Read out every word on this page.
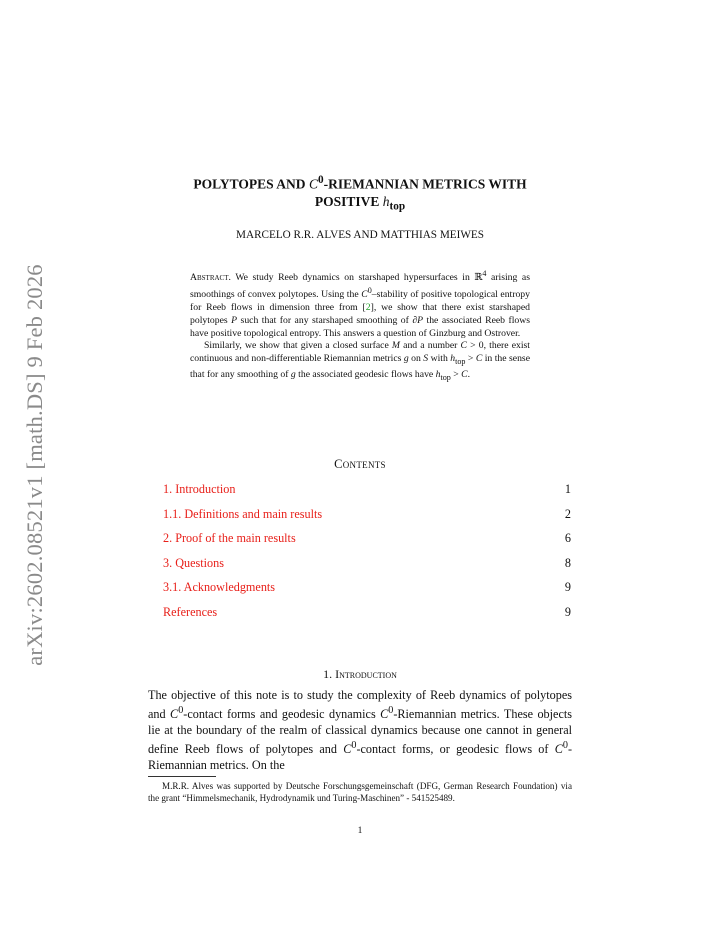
arXiv:2602.08521v1 [math.DS] 9 Feb 2026
POLYTOPES AND $C^0$-RIEMANNIAN METRICS WITH
POSITIVE $h_{top}$
MARCELO R.R. ALVES AND MATTHIAS MEIWES

Abstract. We study Reeb dynamics on starshaped hypersurfaces in ℝ$^4$ arising as smoothings of convex polytopes. Using the $C^0$–stability of positive topological entropy for Reeb flows in dimension three from [2], we show that there exist starshaped polytopes P such that for any starshaped smoothing of ∂P the associated Reeb flows have positive topological entropy. This answers a question of Ginzburg and Ostrover.

Similarly, we show that given a closed surface M and a number C > 0, there exist continuous and non-differentiable Riemannian metrics g on S with $h_{top} > C$ in the sense that for any smoothing of g the associated geodesic flows have $h_{top} > C$.

Contents
1. Introduction	1
1.1. Definitions and main results	2
2. Proof of the main results	6
3. Questions	8
3.1. Acknowledgments	9
References	9
1. Introduction
The objective of this note is to study the complexity of Reeb dynamics of polytopes and $C^0$-contact forms and geodesic dynamics $C^0$-Riemannian metrics. These objects lie at the boundary of the realm of classical dynamics because one cannot in general define Reeb flows of polytopes and $C^0$-contact forms, or geodesic flows of $C^0$-Riemannian metrics. On the
M.R.R. Alves was supported by Deutsche Forschungsgemeinschaft (DFG, German Research Foundation) via the grant “Himmelsmechanik, Hydrodynamik und Turing-Maschinen” - 541525489.
1
